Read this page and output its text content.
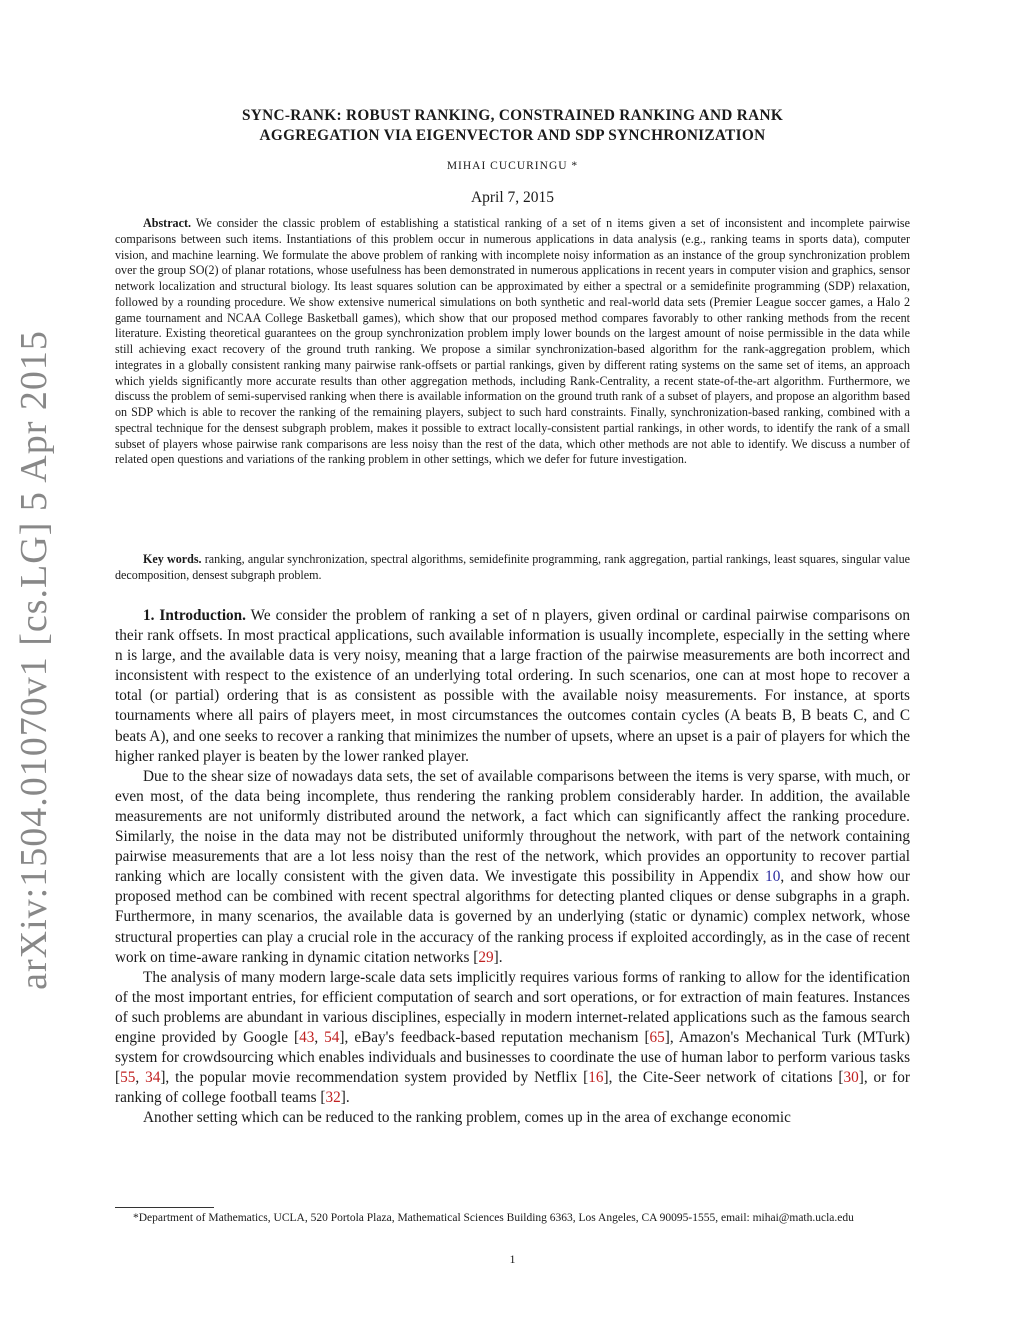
arXiv:1504.01070v1 [cs.LG] 5 Apr 2015
SYNC-RANK: ROBUST RANKING, CONSTRAINED RANKING AND RANK
AGGREGATION VIA EIGENVECTOR AND SDP SYNCHRONIZATION
MIHAI CUCURINGU *
April 7, 2015

Abstract. We consider the classic problem of establishing a statistical ranking of a set of n items given a set of inconsistent and incomplete pairwise comparisons between such items. Instantiations of this problem occur in numerous applications in data analysis (e.g., ranking teams in sports data), computer vision, and machine learning. We formulate the above problem of ranking with incomplete noisy information as an instance of the group synchronization problem over the group SO(2) of planar rotations, whose usefulness has been demonstrated in numerous applications in recent years in computer vision and graphics, sensor network localization and structural biology. Its least squares solution can be approximated by either a spectral or a semidefinite programming (SDP) relaxation, followed by a rounding procedure. We show extensive numerical simulations on both synthetic and real-world data sets (Premier League soccer games, a Halo 2 game tournament and NCAA College Basketball games), which show that our proposed method compares favorably to other ranking methods from the recent literature. Existing theoretical guarantees on the group synchronization problem imply lower bounds on the largest amount of noise permissible in the data while still achieving exact recovery of the ground truth ranking. We propose a similar synchronization-based algorithm for the rank-aggregation problem, which integrates in a globally consistent ranking many pairwise rank-offsets or partial rankings, given by different rating systems on the same set of items, an approach which yields significantly more accurate results than other aggregation methods, including Rank-Centrality, a recent state-of-the-art algorithm. Furthermore, we discuss the problem of semi-supervised ranking when there is available information on the ground truth rank of a subset of players, and propose an algorithm based on SDP which is able to recover the ranking of the remaining players, subject to such hard constraints. Finally, synchronization-based ranking, combined with a spectral technique for the densest subgraph problem, makes it possible to extract locally-consistent partial rankings, in other words, to identify the rank of a small subset of players whose pairwise rank comparisons are less noisy than the rest of the data, which other methods are not able to identify. We discuss a number of related open questions and variations of the ranking problem in other settings, which we defer for future investigation.

Key words. ranking, angular synchronization, spectral algorithms, semidefinite programming, rank aggregation, partial rankings, least squares, singular value decomposition, densest subgraph problem.

1. Introduction. We consider the problem of ranking a set of n players, given ordinal or cardinal pairwise comparisons on their rank offsets. In most practical applications, such available information is usually incomplete, especially in the setting where n is large, and the available data is very noisy, meaning that a large fraction of the pairwise measurements are both incorrect and inconsistent with respect to the existence of an underlying total ordering. In such scenarios, one can at most hope to recover a total (or partial) ordering that is as consistent as possible with the available noisy measurements. For instance, at sports tournaments where all pairs of players meet, in most circumstances the outcomes contain cycles (A beats B, B beats C, and C beats A), and one seeks to recover a ranking that minimizes the number of upsets, where an upset is a pair of players for which the higher ranked player is beaten by the lower ranked player.

Due to the shear size of nowadays data sets, the set of available comparisons between the items is very sparse, with much, or even most, of the data being incomplete, thus rendering the ranking problem considerably harder. In addition, the available measurements are not uniformly distributed around the network, a fact which can significantly affect the ranking procedure. Similarly, the noise in the data may not be distributed uniformly throughout the network, with part of the network containing pairwise measurements that are a lot less noisy than the rest of the network, which provides an opportunity to recover partial ranking which are locally consistent with the given data. We investigate this possibility in Appendix 10, and show how our proposed method can be combined with recent spectral algorithms for detecting planted cliques or dense subgraphs in a graph. Furthermore, in many scenarios, the available data is governed by an underlying (static or dynamic) complex network, whose structural properties can play a crucial role in the accuracy of the ranking process if exploited accordingly, as in the case of recent work on time-aware ranking in dynamic citation networks [29].

The analysis of many modern large-scale data sets implicitly requires various forms of ranking to allow for the identification of the most important entries, for efficient computation of search and sort operations, or for extraction of main features. Instances of such problems are abundant in various disciplines, especially in modern internet-related applications such as the famous search engine provided by Google [43, 54], eBay's feedback-based reputation mechanism [65], Amazon's Mechanical Turk (MTurk) system for crowdsourcing which enables individuals and businesses to coordinate the use of human labor to perform various tasks [55, 34], the popular movie recommendation system provided by Netflix [16], the Cite-Seer network of citations [30], or for ranking of college football teams [32].

Another setting which can be reduced to the ranking problem, comes up in the area of exchange economic

*Department of Mathematics, UCLA, 520 Portola Plaza, Mathematical Sciences Building 6363, Los Angeles, CA 90095-1555, email: mihai@math.ucla.edu

1
